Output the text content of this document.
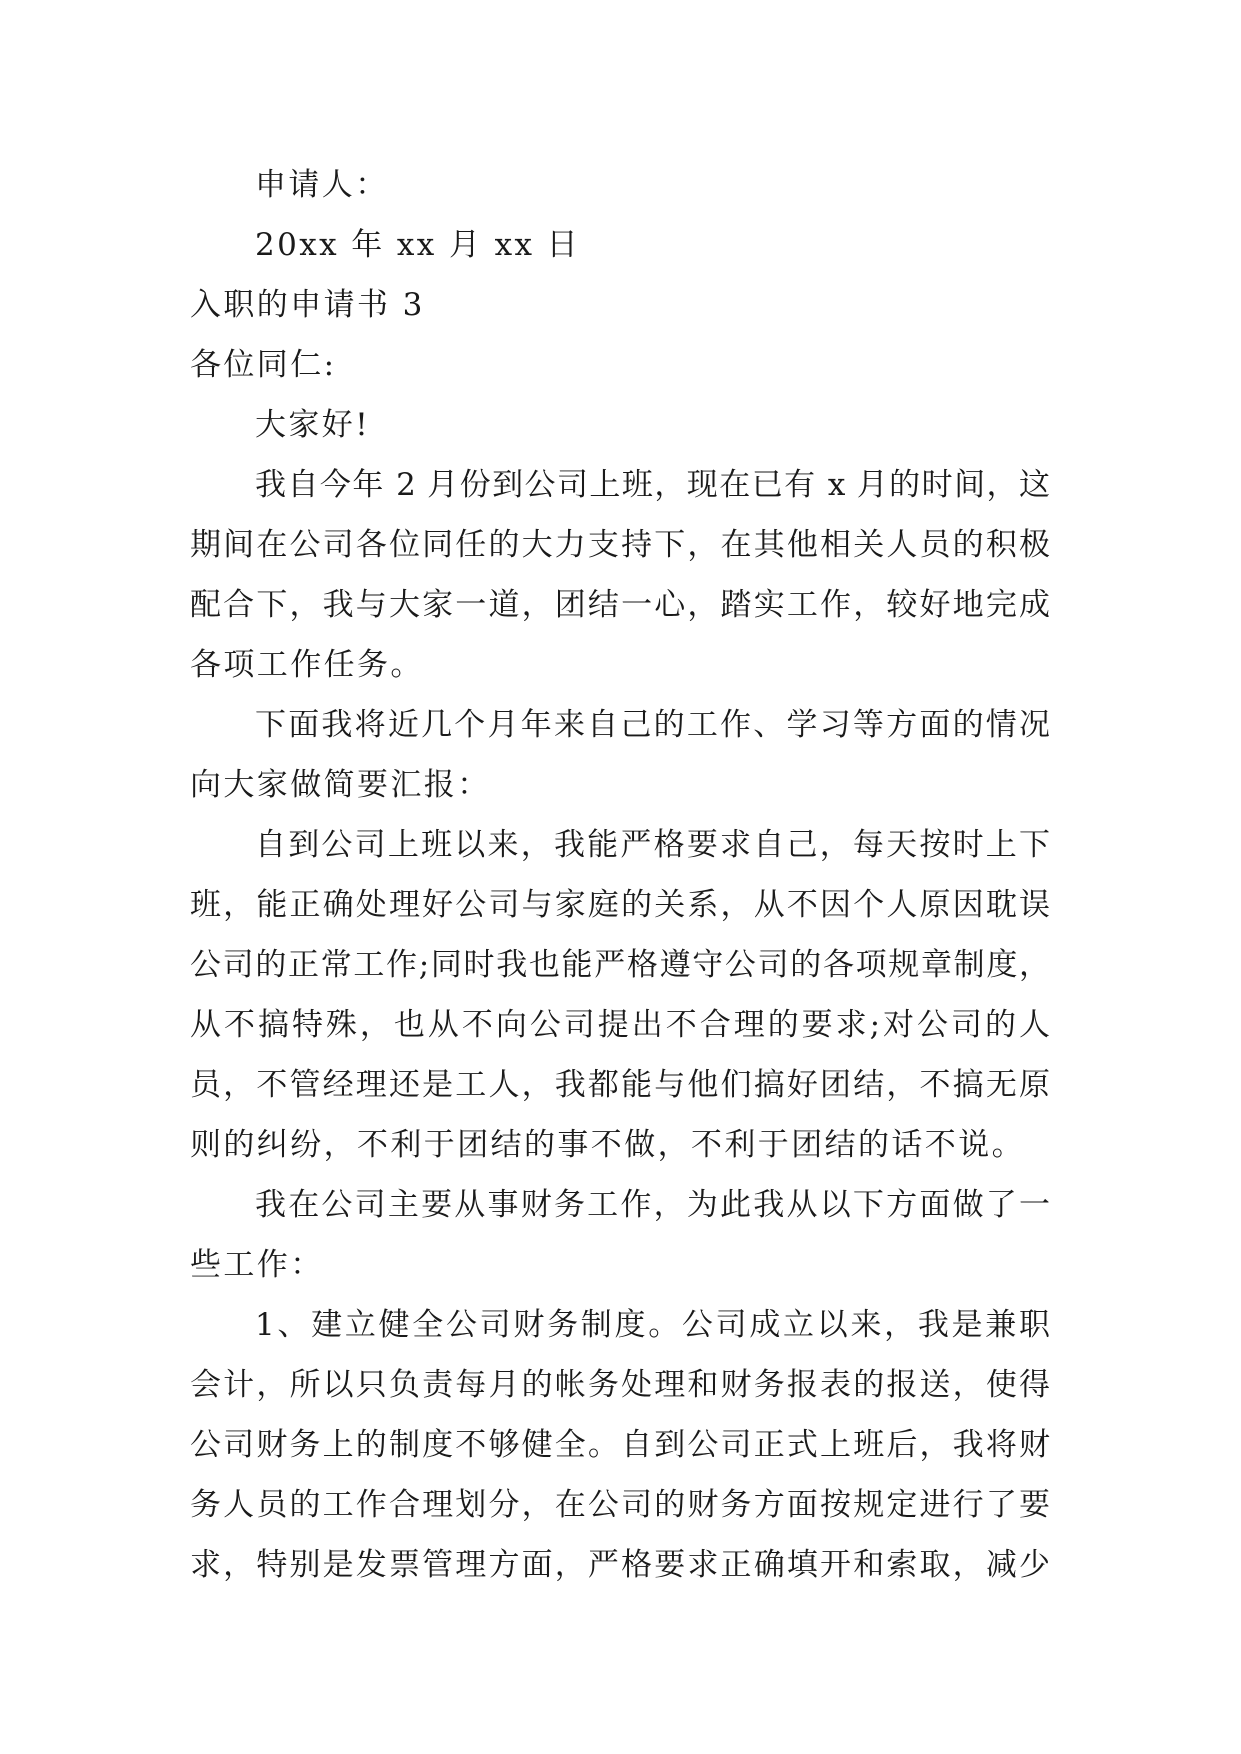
申请人：
20xx 年 xx 月 xx 日
入职的申请书 3
各位同仁:
大家好!
我自今年 2 月份到公司上班，现在已有 x 月的时间，这
期间在公司各位同任的大力支持下，在其他相关人员的积极
配合下，我与大家一道，团结一心，踏实工作，较好地完成
各项工作任务。
下面我将近几个月年来自己的工作、学习等方面的情况
向大家做简要汇报：
自到公司上班以来，我能严格要求自己，每天按时上下
班，能正确处理好公司与家庭的关系，从不因个人原因耽误
公司的正常工作;同时我也能严格遵守公司的各项规章制度，
从不搞特殊，也从不向公司提出不合理的要求;对公司的人
员，不管经理还是工人，我都能与他们搞好团结，不搞无原
则的纠纷，不利于团结的事不做，不利于团结的话不说。
我在公司主要从事财务工作，为此我从以下方面做了一
些工作：
1、建立健全公司财务制度。公司成立以来，我是兼职
会计，所以只负责每月的帐务处理和财务报表的报送，使得
公司财务上的制度不够健全。自到公司正式上班后，我将财
务人员的工作合理划分，在公司的财务方面按规定进行了要
求，特别是发票管理方面，严格要求正确填开和索取，减少
